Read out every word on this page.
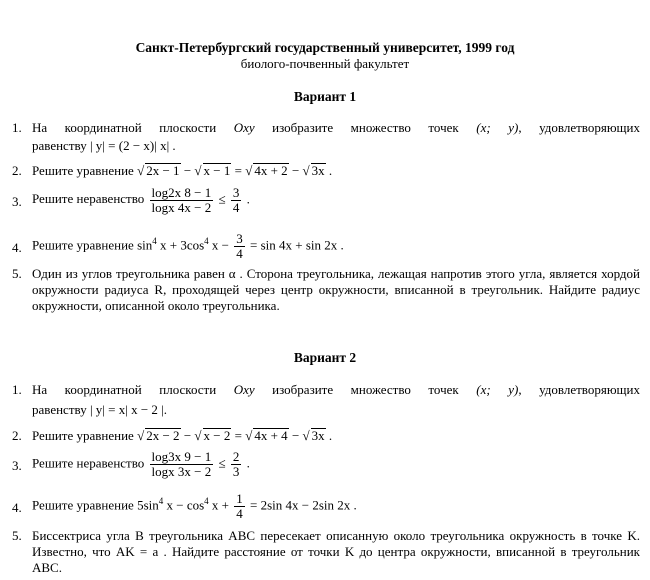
Санкт-Петербургский государственный университет, 1999 год
биолого-почвенный факультет
Вариант 1
1. На координатной плоскости Oxy изобразите множество точек (x; y), удовлетворяющих
равенству | y| = (2 − x)| x| .
2. Решите уравнение √ 2x − 1 − √ x − 1 = √ 4x + 2 − √ 3x .
3. Решите неравенство $\frac{\log 2x 8 - 1}{\log x 4x - 2} \le \frac{3}{4}$ .
4. Решите уравнение $\sin^4 x + 3\cos^4$ $x - \frac{3}{4} = \sin 4x + \sin 2x$ .
5. Один из углов треугольника равен α . Сторона треугольника, лежащая напротив этого угла, является хордой окружности радиуса R, проходящей через центр окружности, вписанной в треугольник. Найдите радиус окружности, описанной около треугольника.
Вариант 2
1. На координатной плоскости Oxy изобразите множество точек (x; y), удовлетворяющих
равенству | y| = x| x − 2 |.
2. Решите уравнение √ 2x − 2 − √ x − 2 = √ 4x + 4 − √ 3x .
3. Решите неравенство $\frac{\log 3x 9 - 1}{\log x 3x - 2} \le \frac{2}{3}$ .
4. Решите уравнение $5\sin^4$ $x - \cos^4 x + \frac{1}{4} = 2\sin$ 4x − 2sin 2x .
5. Биссектриса угла B треугольника ABC пересекает описанную около треугольника окружность в точке K. Известно, что AK = a . Найдите расстояние от точки K до центра окружности, вписанной в треугольник ABC.
